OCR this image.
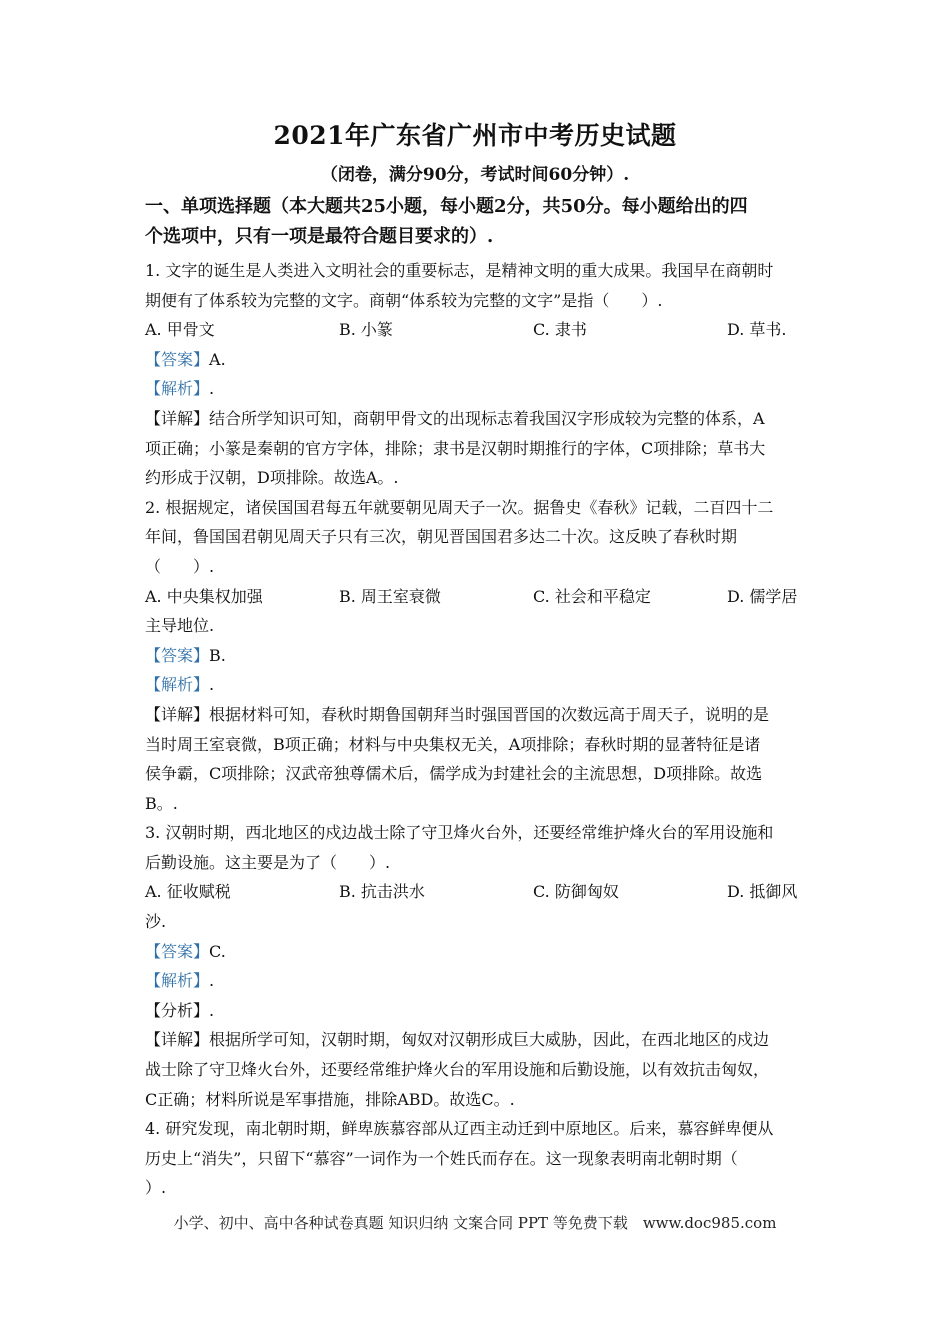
2021年广东省广州市中考历史试题
（闭卷，满分90分，考试时间60分钟）.
一、单项选择题（本大题共25小题，每小题2分，共50分。每小题给出的四
个选项中，只有一项是最符合题目要求的）.
1. 文字的诞生是人类进入文明社会的重要标志，是精神文明的重大成果。我国早在商朝时
期便有了体系较为完整的文字。商朝“体系较为完整的文字”是指（　　）.
A. 甲骨文	B. 小篆	C. 隶书	D. 草书.
【答案】A.
【解析】.
【详解】结合所学知识可知，商朝甲骨文的出现标志着我国汉字形成较为完整的体系，A
项正确；小篆是秦朝的官方字体，排除；隶书是汉朝时期推行的字体，C项排除；草书大
约形成于汉朝，D项排除。故选A。.
2. 根据规定，诸侯国国君每五年就要朝见周天子一次。据鲁史《春秋》记载，二百四十二
年间，鲁国国君朝见周天子只有三次，朝见晋国国君多达二十次。这反映了春秋时期
（　　）.
A. 中央集权加强	B. 周王室衰微	C. 社会和平稳定	D. 儒学居
主导地位.
【答案】B.
【解析】.
【详解】根据材料可知，春秋时期鲁国朝拜当时强国晋国的次数远高于周天子，说明的是
当时周王室衰微，B项正确；材料与中央集权无关，A项排除；春秋时期的显著特征是诸
侯争霸，C项排除；汉武帝独尊儒术后，儒学成为封建社会的主流思想，D项排除。故选
B。.
3. 汉朝时期，西北地区的戍边战士除了守卫烽火台外，还要经常维护烽火台的军用设施和
后勤设施。这主要是为了（　　）.
A. 征收赋税	B. 抗击洪水	C. 防御匈奴	D. 抵御风
沙.
【答案】C.
【解析】.
【分析】.
【详解】根据所学可知，汉朝时期，匈奴对汉朝形成巨大威胁，因此，在西北地区的戍边
战士除了守卫烽火台外，还要经常维护烽火台的军用设施和后勤设施，以有效抗击匈奴，
C正确；材料所说是军事措施，排除ABD。故选C。.
4. 研究发现，南北朝时期，鲜卑族慕容部从辽西主动迁到中原地区。后来，慕容鲜卑便从
历史上“消失”，只留下“慕容”一词作为一个姓氏而存在。这一现象表明南北朝时期（
）.
小学、初中、高中各种试卷真题 知识归纳 文案合同 PPT 等免费下载　www.doc985.com
